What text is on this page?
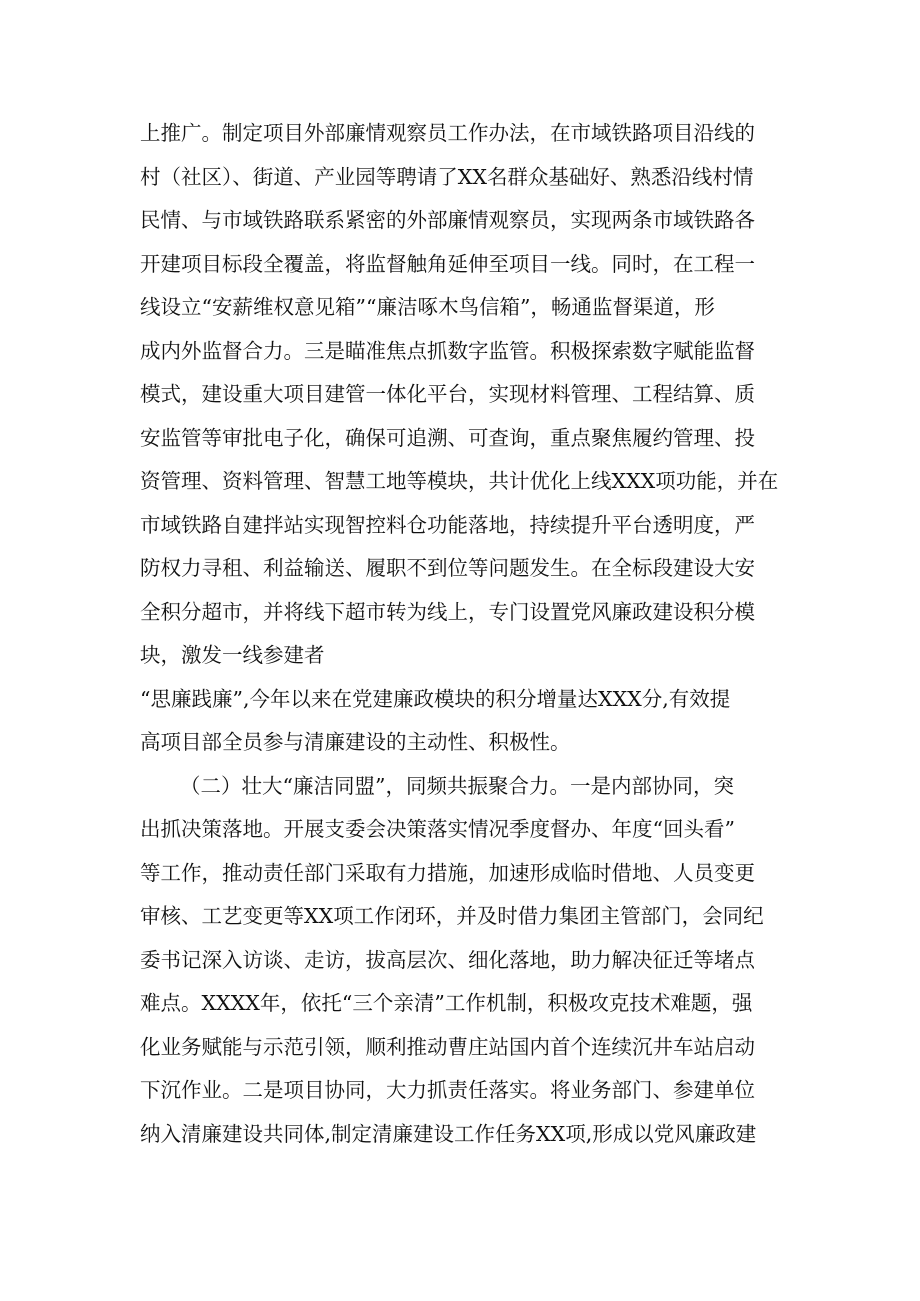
上推广。制定项目外部廉情观察员工作办法，在市域铁路项目沿线的
村（社区）、街道、产业园等聘请了XX名群众基础好、熟悉沿线村情
民情、与市域铁路联系紧密的外部廉情观察员，实现两条市域铁路各
开建项目标段全覆盖，将监督触角延伸至项目一线。同时，在工程一
线设立“安薪维权意见箱”“廉洁啄木鸟信箱”，畅通监督渠道，形
成内外监督合力。三是瞄准焦点抓数字监管。积极探索数字赋能监督
模式，建设重大项目建管一体化平台，实现材料管理、工程结算、质
安监管等审批电子化，确保可追溯、可查询，重点聚焦履约管理、投
资管理、资料管理、智慧工地等模块，共计优化上线XXX项功能，并在
市域铁路自建拌站实现智控料仓功能落地，持续提升平台透明度，严
防权力寻租、利益输送、履职不到位等问题发生。在全标段建设大安
全积分超市，并将线下超市转为线上，专门设置党风廉政建设积分模
块，激发一线参建者
“思廉践廉”,今年以来在党建廉政模块的积分增量达XXX分,有效提
高项目部全员参与清廉建设的主动性、积极性。
（二）壮大“廉洁同盟”，同频共振聚合力。一是内部协同，突
出抓决策落地。开展支委会决策落实情况季度督办、年度“回头看”
等工作，推动责任部门采取有力措施，加速形成临时借地、人员变更
审核、工艺变更等XX项工作闭环，并及时借力集团主管部门，会同纪
委书记深入访谈、走访，拔高层次、细化落地，助力解决征迁等堵点
难点。XXXX年，依托“三个亲清”工作机制，积极攻克技术难题，强
化业务赋能与示范引领，顺利推动曹庄站国内首个连续沉井车站启动
下沉作业。二是项目协同，大力抓责任落实。将业务部门、参建单位
纳入清廉建设共同体,制定清廉建设工作任务XX项,形成以党风廉政建
